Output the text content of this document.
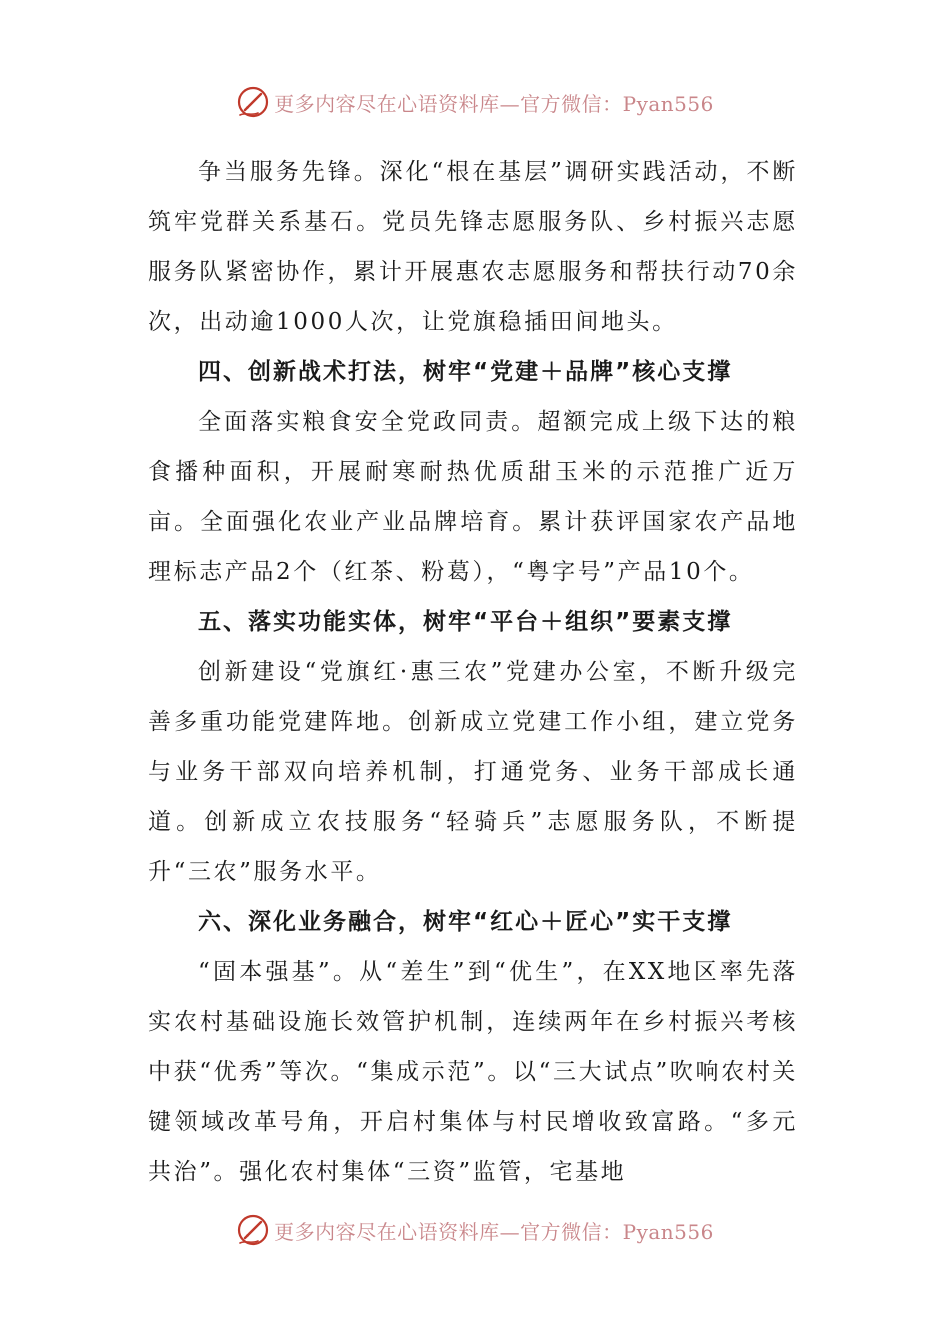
更多内容尽在心语资料库—官方微信：Pyan556

争当服务先锋。深化“根在基层”调研实践活动，不断筑牢党群关系基石。党员先锋志愿服务队、乡村振兴志愿服务队紧密协作，累计开展惠农志愿服务和帮扶行动70余次，出动逾1000人次，让党旗稳插田间地头。

四、创新战术打法，树牢“党建＋品牌”核心支撑

全面落实粮食安全党政同责。超额完成上级下达的粮食播种面积，开展耐寒耐热优质甜玉米的示范推广近万亩。全面强化农业产业品牌培育。累计获评国家农产品地理标志产品2个（红茶、粉葛），“粤字号”产品10个。

五、落实功能实体，树牢“平台＋组织”要素支撑

创新建设“党旗红·惠三农”党建办公室，不断升级完善多重功能党建阵地。创新成立党建工作小组，建立党务与业务干部双向培养机制，打通党务、业务干部成长通道。创新成立农技服务“轻骑兵”志愿服务队，不断提升“三农”服务水平。

六、深化业务融合，树牢“红心＋匠心”实干支撑

“固本强基”。从“差生”到“优生”，在XX地区率先落实农村基础设施长效管护机制，连续两年在乡村振兴考核中获“优秀”等次。“集成示范”。以“三大试点”吹响农村关键领域改革号角，开启村集体与村民增收致富路。“多元共治”。强化农村集体“三资”监管，宅基地

更多内容尽在心语资料库—官方微信：Pyan556
